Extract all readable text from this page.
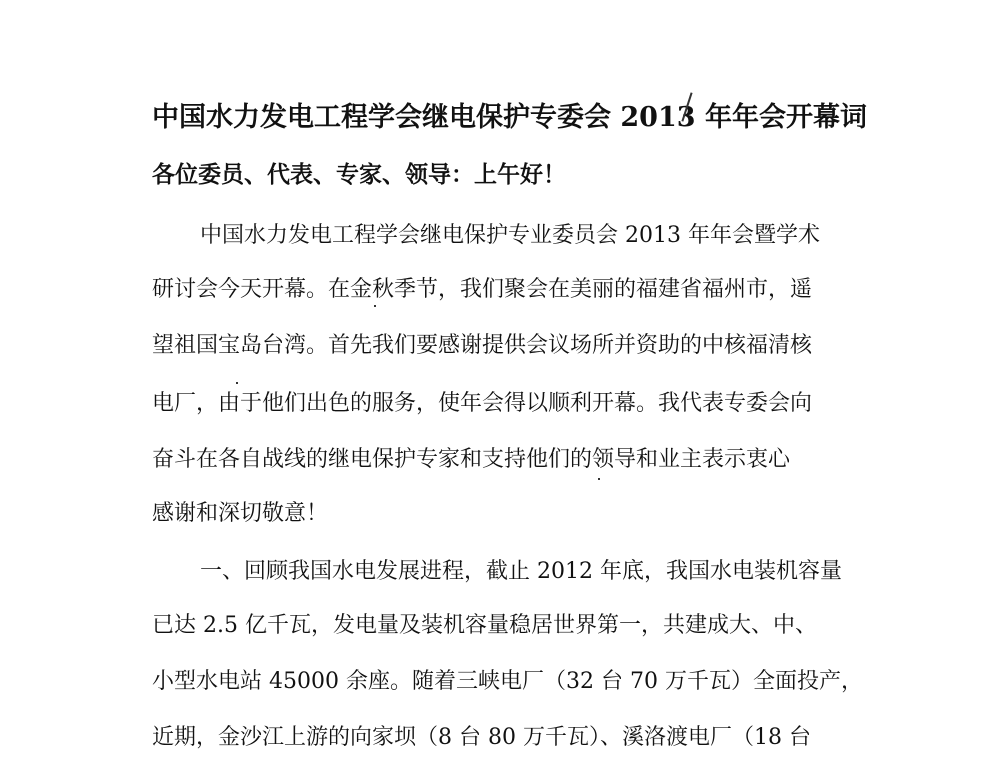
中国水力发电工程学会继电保护专委会 2013 年年会开幕词
各位委员、代表、专家、领导：上午好！
中国水力发电工程学会继电保护专业委员会 2013 年年会暨学术
研讨会今天开幕。在金秋季节，我们聚会在美丽的福建省福州市，遥
望祖国宝岛台湾。首先我们要感谢提供会议场所并资助的中核福清核
电厂，由于他们出色的服务，使年会得以顺利开幕。我代表专委会向
奋斗在各自战线的继电保护专家和支持他们的领导和业主表示衷心
感谢和深切敬意！
一、回顾我国水电发展进程，截止 2012 年底，我国水电装机容量
已达 2.5 亿千瓦，发电量及装机容量稳居世界第一，共建成大、中、
小型水电站 45000 余座。随着三峡电厂（32 台 70 万千瓦）全面投产，
近期，金沙江上游的向家坝（8 台 80 万千瓦）、溪洛渡电厂（18 台
